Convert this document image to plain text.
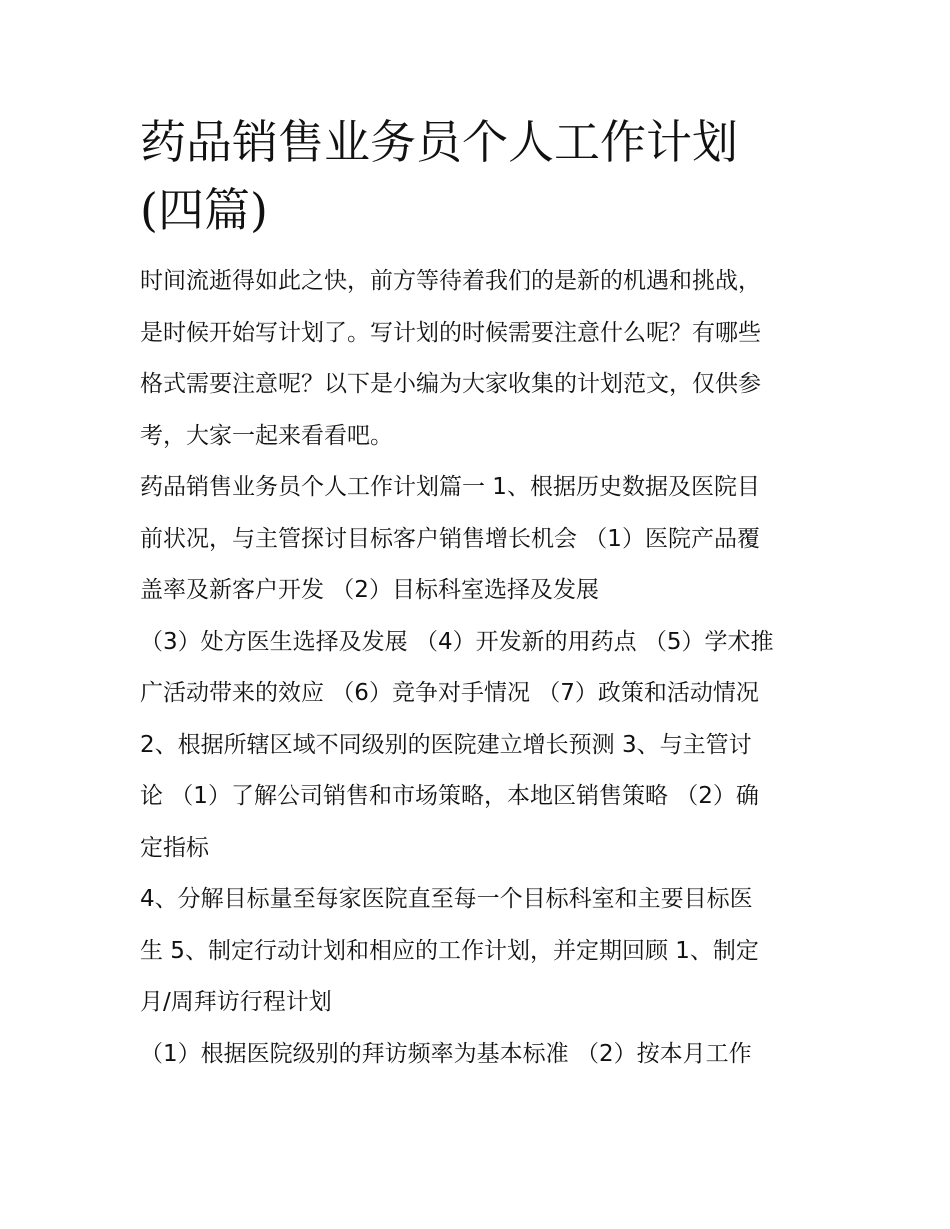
药品销售业务员个人工作计划
(四篇)
时间流逝得如此之快，前方等待着我们的是新的机遇和挑战，
是时候开始写计划了。写计划的时候需要注意什么呢？有哪些
格式需要注意呢？以下是小编为大家收集的计划范文，仅供参
考，大家一起来看看吧。
药品销售业务员个人工作计划篇一 1、根据历史数据及医院目
前状况，与主管探讨目标客户销售增长机会 （1）医院产品覆
盖率及新客户开发 （2）目标科室选择及发展
（3）处方医生选择及发展 （4）开发新的用药点 （5）学术推
广活动带来的效应 （6）竞争对手情况 （7）政策和活动情况
2、根据所辖区域不同级别的医院建立增长预测 3、与主管讨
论 （1）了解公司销售和市场策略，本地区销售策略 （2）确
定指标
4、分解目标量至每家医院直至每一个目标科室和主要目标医
生 5、制定行动计划和相应的工作计划，并定期回顾 1、制定
月/周拜访行程计划
（1）根据医院级别的拜访频率为基本标准 （2）按本月工作
